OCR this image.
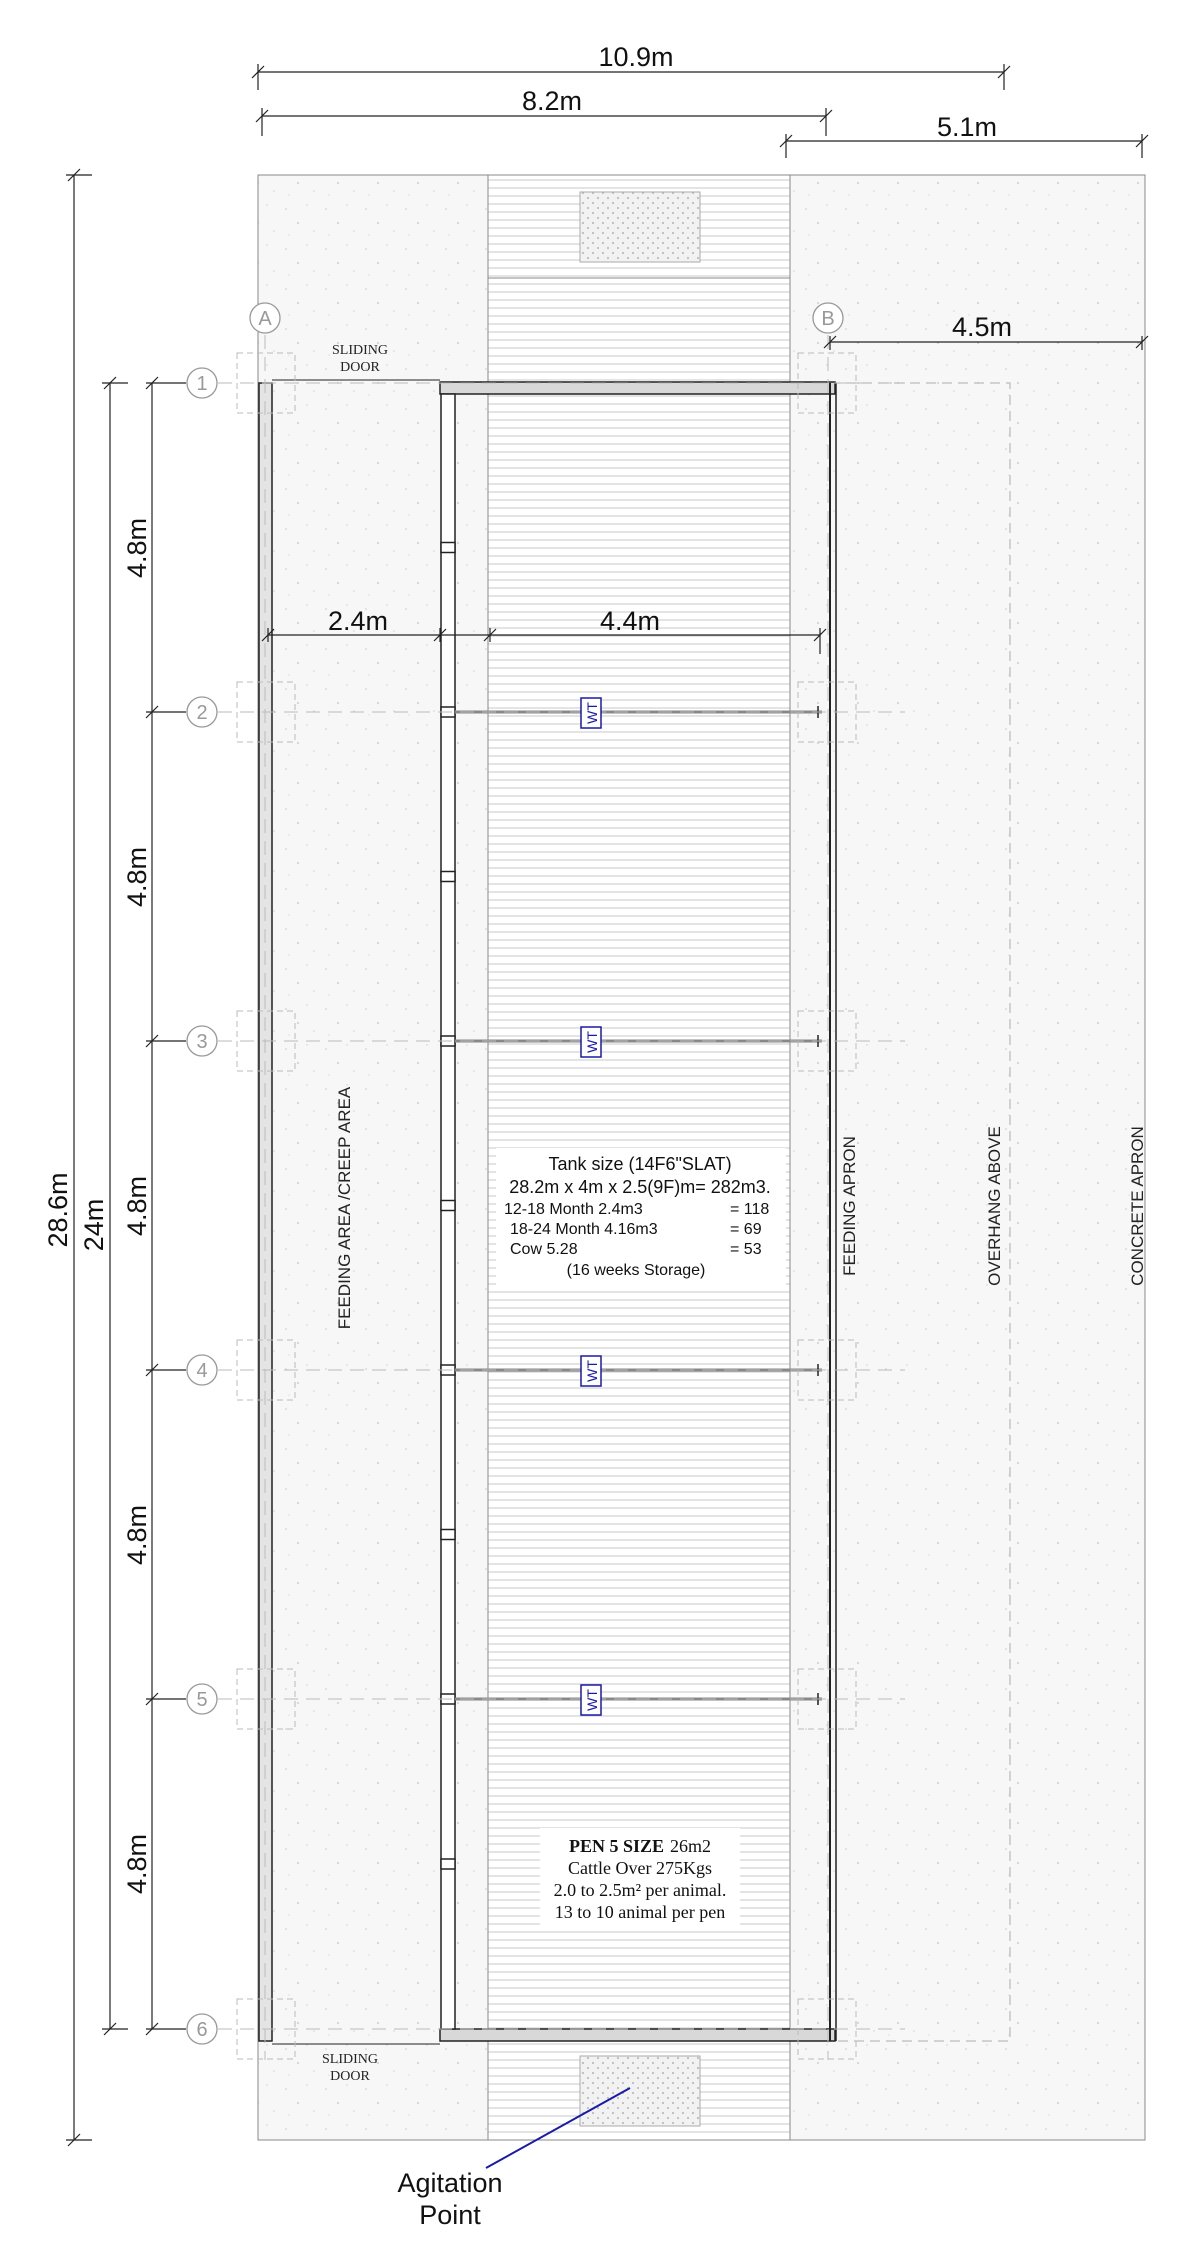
A	B
1
2
3
4
5
6
WT
WT
WT
WT
10.9m
8.2m
5.1m
4.5m
2.4m	4.4m
28.6m 24m
4.8m
4.8m
4.8m
4.8m
4.8m
SLIDING
DOOR
SLIDING
DOOR
FEEDING AREA /CREEP AREA	FEEDING APRON	OVERHANG ABOVE	CONCRETE APRON
Tank size (14F6"SLAT)
28.2m x 4m x 2.5(9F)m= 282m3.
12-18 Month 2.4m3	= 118
18-24 Month 4.16m3	= 69
Cow 5.28	= 53
(16 weeks Storage)
PEN 5 SIZE 26m2
Cattle Over 275Kgs
2.0 to 2.5m² per animal.
13 to 10 animal per pen
Agitation
Point
